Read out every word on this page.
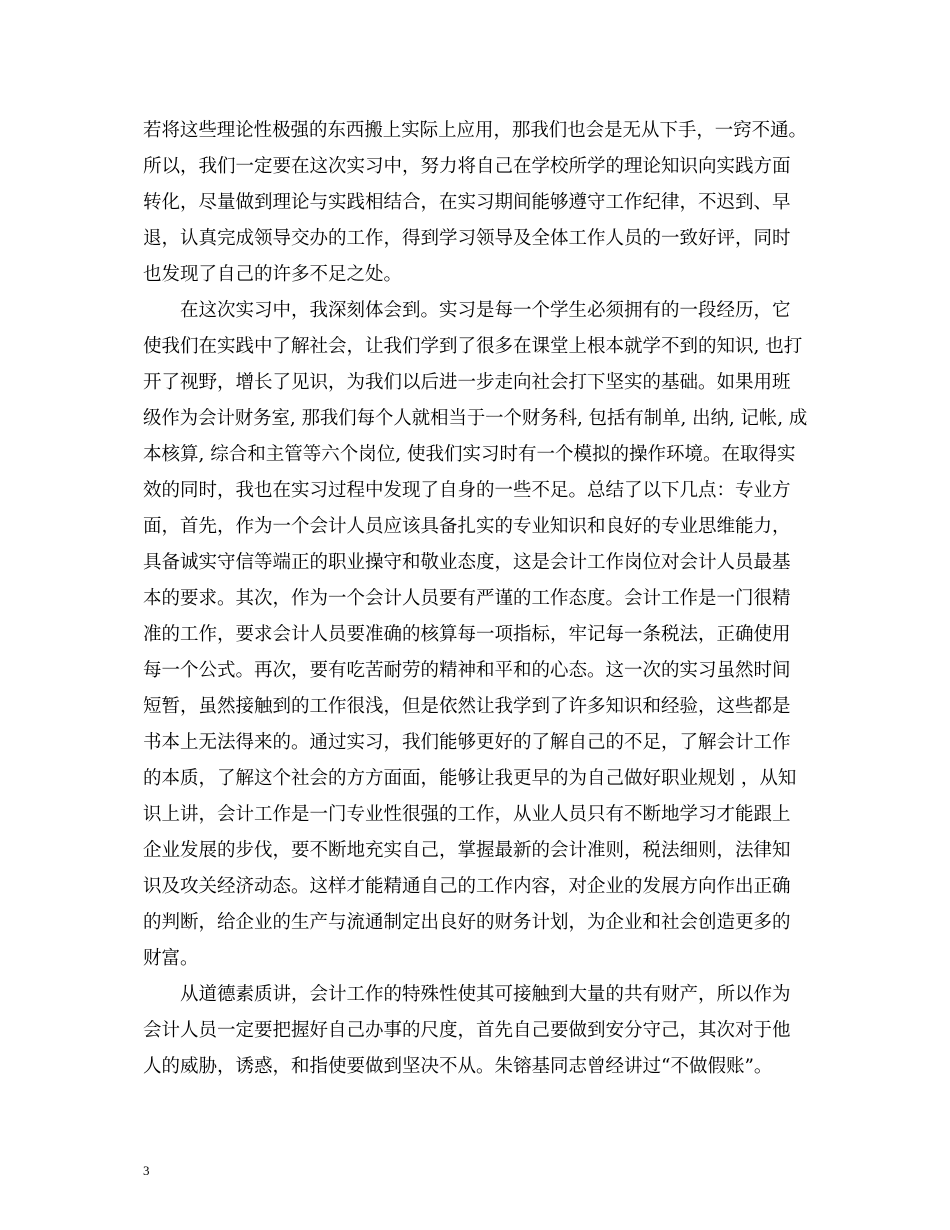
若将这些理论性极强的东西搬上实际上应用，那我们也会是无从下手，一窍不通。
所以，我们一定要在这次实习中，努力将自己在学校所学的理论知识向实践方面
转化，尽量做到理论与实践相结合，在实习期间能够遵守工作纪律，不迟到、早
退，认真完成领导交办的工作，得到学习领导及全体工作人员的一致好评，同时
也发现了自己的许多不足之处。
　　在这次实习中，我深刻体会到。实习是每一个学生必须拥有的一段经历，它
使我们在实践中了解社会，让我们学到了很多在课堂上根本就学不到的知识, 也打
开了视野，增长了见识，为我们以后进一步走向社会打下坚实的基础。如果用班
级作为会计财务室, 那我们每个人就相当于一个财务科, 包括有制单, 出纳, 记帐, 成
本核算, 综合和主管等六个岗位, 使我们实习时有一个模拟的操作环境。在取得实
效的同时，我也在实习过程中发现了自身的一些不足。总结了以下几点：专业方
面，首先，作为一个会计人员应该具备扎实的专业知识和良好的专业思维能力，
具备诚实守信等端正的职业操守和敬业态度，这是会计工作岗位对会计人员最基
本的要求。其次，作为一个会计人员要有严谨的工作态度。会计工作是一门很精
准的工作，要求会计人员要准确的核算每一项指标，牢记每一条税法，正确使用
每一个公式。再次，要有吃苦耐劳的精神和平和的心态。这一次的实习虽然时间
短暂，虽然接触到的工作很浅，但是依然让我学到了许多知识和经验，这些都是
书本上无法得来的。通过实习，我们能够更好的了解自己的不足，了解会计工作
的本质，了解这个社会的方方面面，能够让我更早的为自己做好职业规划 ，从知
识上讲，会计工作是一门专业性很强的工作，从业人员只有不断地学习才能跟上
企业发展的步伐，要不断地充实自己，掌握最新的会计准则，税法细则，法律知
识及攻关经济动态。这样才能精通自己的工作内容，对企业的发展方向作出正确
的判断，给企业的生产与流通制定出良好的财务计划，为企业和社会创造更多的
财富。
　　从道德素质讲，会计工作的特殊性使其可接触到大量的共有财产，所以作为
会计人员一定要把握好自己办事的尺度，首先自己要做到安分守己，其次对于他
人的威胁，诱惑，和指使要做到坚决不从。朱镕基同志曾经讲过“不做假账”。
3
